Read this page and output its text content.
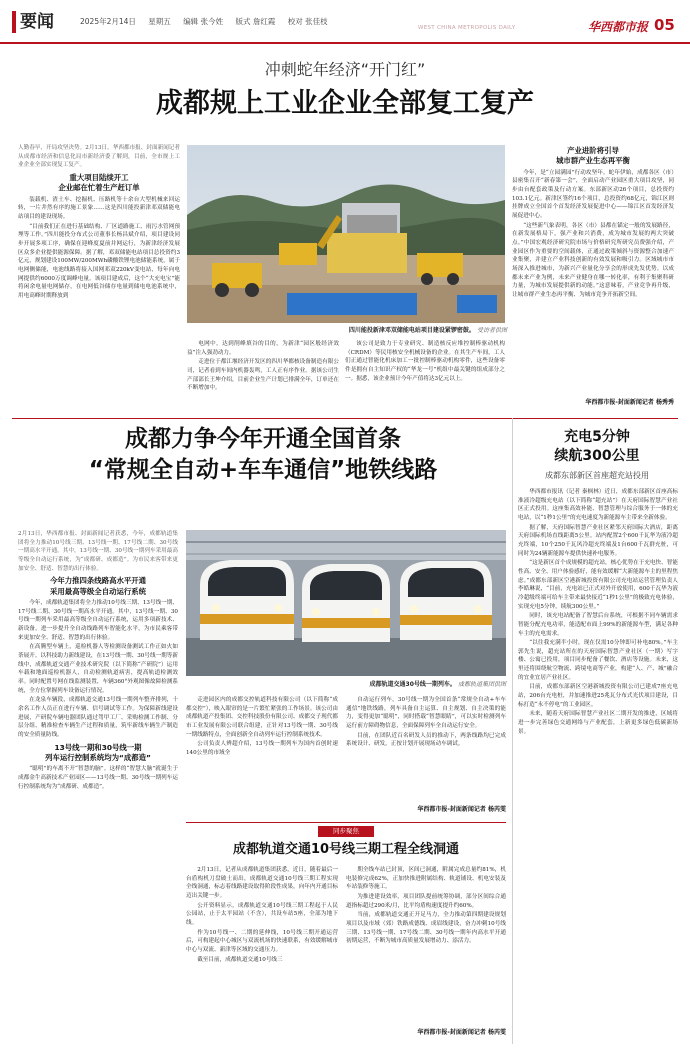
要闻	2025年2月14日 星期五 编辑 张今姓 版式 詹红霞 校对 张佳枝
WEST CHINA METROPOLIS DAILY	华西都市报 05
冲刺蛇年经济“开门红”
成都规上工业企业全部复工复产
人勤春早，开局攻坚决势。2月13日，华西都市报、封面新闻记者从成都市经济和信息化局市新经济委了解到，目前，全市规上工业企业全部实现复工复产。
重大项目陆续开工
企业邮在忙着生产赶订单

装载机、渣土车、挖掘机、压路机等十余台大型机械来回运转，一片井然有序的施工景象……这是四川能投新津邓双储能电站项目的建设现场。

“目前我们正在进行基础结构、厂区道路施工、雨污水管网预埋等工作。”四川能投分布式公司董事长杨昌斌介绍，项目建设同步开展多项工序，确保在迎峰度夏前并网运行，为新津经济发展区众多企业提供能源保障。据了解，邓双储能电站项目总投资约3亿元，规划建设100MW/200MWh磷酸铁锂电池储能系统，属于电网侧储能，电池线路将接入国网邓双220kV变电站，每年向电网提供约6000万度调峰电量。该项目建成后，这个“大充电宝”能将闲余电量电网储存，在电网低谷储存电量到储电电池系统中，用电高峰时期释放到

四川能投新津邓双储能电站项目建设紧锣密鼓。 受访者供图

电网中，达到削峰填谷的目的，为新津“园区般经济效益”注入强劲动力。

走进位于都江堰经济开发区的四川华都核设备制造有限公司，记者看到车间内机器轰鸣，工人正有序作业。据该公司生产部部长王坤介绍，目前企业生产计划已排满全年，订单还在不断增加中。

该公司是致力于专业研究、制造核反应堆控制棒驱动机构（CRDM）等民用核安全机械设备的企业。在其生产车间，工人们正通过智能化机床加工一批控制棒驱动机构零件，这些设备零件是拥有自主知识产权的“华龙一号”机组中最关键的组成部分之一。据悉，该企业预计今年产值将达3亿元以上。

产业进阶将引导
城市群产业生态再平衡

今年，是“立园满园”行动攻坚年。蛇年伊始，成都各区（市）县密集召开“新春第一会”，全面启动产业园区重大项目攻坚，同步由台配套政策及行动方案。东部新区动26个项目，总投资约103.1亿元。新津区签约16个项目，总投资约68亿元，锦江区则挂牌成立全国首个首发经济发展促进中心——锦江区首发经济发展促进中心。

“这些新气象表明，各区（市）县都在锚定一般的发展路径，在新发展格局下，强产业和兴消费，成为城市发展的两大突破点。”中国宏观经济研究院市场与价格研究所研究员费强介绍，产业园区作为重要的空间载体，正通过政策倾斜与资源整合加速产业集聚，并建立产业科技创新的有效发展和吸引力。区域城市市场深入推进城市，为新兴产业量化分享会的形成先发优势。以成都未来产业为例，未来产业健身在哪一转化率，有利于集聚科研力量，为城市发展提供新的动能。”这意味着，产业竞争再升级，让城市群产业生态再平衡、为城市竞争开拓新空间。

华西都市报-封面新闻记者 杨秀秀
成都力争今年开通全国首条
“常规全自动+车车通信”地铁线路
2月13日，华西都市报、封面新闻记者获悉，今年，成都轨道集团将全力推动10号线三期、13号线一期、17号线二期、30号线一期高水平开通。其中，13号线一期、30号线一期列车采用最高等级全自动运行系统，为“成都研、成都造”。为市民来客带来更加安全、舒适、智慧的出行体验。
今年力推四条线路高水平开通
采用最高等级全自动运行系统

今年，成都轨道集团将全力推动10号线三期、13号线一期、17号线二期、30号线一期高水平开通。其中，13号线一期、30号线一期列车采用最高等级全自动运行系统，运用多项新技术、新设备，进一步提升全自动线路列车智能化水平，为市民乘客带来更加安全、舒适、智慧的出行体验。

在高腾型车辆上，巡检机器人等检测设备测试工作正如火如荼展开。以科技助力新线建设，在13号线一期、30号线一期等新线中，成都轨道交通产业技术研究院（以下简称“产研院”）运用车载和地面巡检机器人，自动检测轨道病害，提高轨道检测效率。同时配置号网在线监测装置，车辆360°外观图像故障检测系统，全方位掌握列车设备运行情况。

在龙泉车辆段，成都轨道交通13号线一期列车整齐排列，十余名工作人员正在进行车辆、信号调试等工作。为保障新线建设进展，产研院车辆电器团队通过驾甲工厂、采购检测工作制、分层分组、精准检查车辆生产过程和质量，筑牢新线车辆生产制造的安全质量防线。

13号线一期和30号线一期
列车运行控制系统均为“成都造”

“聪明”的车离不开“智慧的脑”。这样的“智慧大脑”就诞生于成都金牛高新技术产业园区——13号线一期、30号线一期列车运行控制系统均为“成都研、成都造”。

成都轨道交通30号线一期列车。 成都轨道集团供图

走进园区内的成都交控轨道科技有限公司（以下简称“成都交控”），映入眼帘的是一片繁忙紧张的工作场景。该公司由成都轨道产投集团、交控科技股份有限公司、成都交子现代都市工业发展有限公司联合组建，正针对13号线一期、30号线一期线路特点，全面创新全自动列车运行控制系统技术。

公司负责人辨超介绍，13号线一期列车为国内首创时速140公里的市域全

自动运行列车，30号线一期为全国首条“常规全自动+车车通信”地铁线路，列车具备自主运算、自主规划、自主决策的能力，变得更加“聪明”，同时搭载“智慧眼睛”，可以实时检测列车运行前方障碍物信息，全面保障列车全自动运行安全。

目前，在团队近百名研发人员的推动下，两条线路均已完成系统设计、研发，正按计划开展现场动车调试。

华西都市报-封面新闻记者 杨芮雯
同步聚焦
成都轨道交通10号线三期工程全线洞通

2月13日，记者从成都轨道集团获悉，近日，随着最后一台盾构机刀盘破土而出，成都轨道交通10号线三期工程实现全线洞通，标志着线路建设取得阶段性成果，向年内开通目标迈出关键一步。

公开资料显示，成都轨道交通10号线三期工程起于人民公园站，止于太平园站（不含），共设车站5座，全部为地下线。

作为10号线一、二期的延伸线，10号线三期开通运营后，可构建起中心城区与双流机场的快速联系，有效缓解城市中心与双流、新津等区域的交通压力。

截至目前，成都轨道交通10号线三

期全线车站已封顶，区间已洞通，附属完成总量约81%，机电装修完成62%，正加快推进附属结构、轨道铺设、机电安装及车站装修等施工。

为推进建设效率，项目团队提前统筹协调，部分区间综合通道指标超过290米/月，比平均盾构速度提升约60%。

当前，成都轨道交通正开足马力，全力推动第四期建设规划项目以及市域（郊）铁路成德线、成眉线建设，奋力冲刺10号线三期、13号线一期、17号线二期、30号线一期年内高水平开通初期运营，不断为城市高质量发展增动力、添活力。

华西都市报-封面新闻记者 杨芮雯
充电5分钟
续航300公里
成都东部新区首座超充站投用

华西都市报讯（记者 秦枫林）近日，成都东部新区首座高标准液冷超级充电站（以下简称“超充站”）在天府国际智慧产业社区正式投用。这座集高效补能、智慧管理与综合服务于一体的充电站，以“1秒1公里”的充电速度为新能源车主带来全新体验。

据了解，天府国际智慧产业社区紧邻天府国际大酒店，距离天府国际机场直线距离5公里。站内配置2个600千瓦华为液冷超充终端，10个250千瓦风冷超充终端及1台600千瓦群充桩，可同时为24辆新能源车提供快速补电服务。

“这是新区首个成规模的超充站，核心优势在于充电快、智能性高、安全、用户体验感好，能有效缓解“大新能源车主的里程焦虑。”成都东部新区空港新城投资有限公司充电站运营管理负责人李皓琳说，“目前，充电站已正式对外开放使用，600千瓦华为液冷超级终端可给车主带来最快接近“1秒1公里”的极致充电体验，实现充电5分钟，续航300公里。”

同时，该充电站配备了智慧后台系统，可根据不同车辆需求智能分配充电功率，能适配市面上99%的新能源车型，满足各种车主的充电需求。

“以往我充满半小时，现在仅需10分钟即可补电80%。”车主郭先生说，超充站所在的天府国际智慧产业社区（一期）写字楼、公寓已投用，项目同步配备了餐饮、酒店等设施。未来，这里还将围绕航空物流、跨境电商等产业，构建“人、产、城”融合的宜业宜居产业社区。

目前，成都东部新区空港新城投资有限公司已建成7座充电站，206台充电桩，并加速推进25兆瓦分布式光伏项目建设，目标打造“永不停电”的工业园区。

未来，随着天府国际智慧产业社区二期开发的推进，区域将进一步完善绿色交通网络与产业配套，上新更多绿色低碳新场景。
